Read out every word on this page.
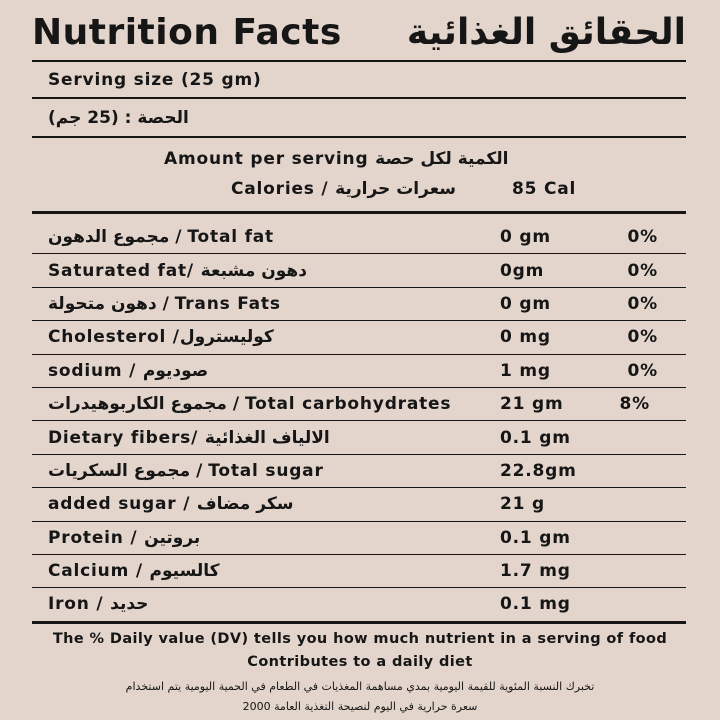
Nutrition Facts الحقائق الغذائية
Serving size (25 gm)
الحصة : (25 جم)
Amount per serving الكمية لكل حصة
Calories / سعرات حرارية	85 Cal
مجموع الدهون / Total fat	0 gm	0%
Saturated fat/ دهون مشبعة	0gm	0%
دهون متحولة / Trans Fats	0 gm	0%
Cholesterol /كوليسترول	0 mg	0%
sodium / صوديوم	1 mg	0%
مجموع الكاربوهيدرات / Total carbohydrates	21 gm	8%
Dietary fibers/ الالياف الغذائية	0.1 gm
مجموع السكريات / Total sugar	22.8gm
added sugar / سكر مضاف	21 g
Protein / بروتين	0.1 gm
Calcium / كالسيوم	1.7 mg
Iron / حديد	0.1 mg
The % Daily value (DV) tells you how much nutrient in a serving of food
Contributes to a daily diet
تخبرك النسبة المئوية للقيمة اليومية بمدي مساهمة المغذيات في الطعام في الحمية اليومية يتم استخدام
سعرة حرارية في اليوم لنصيحة التغذية العامة 2000
